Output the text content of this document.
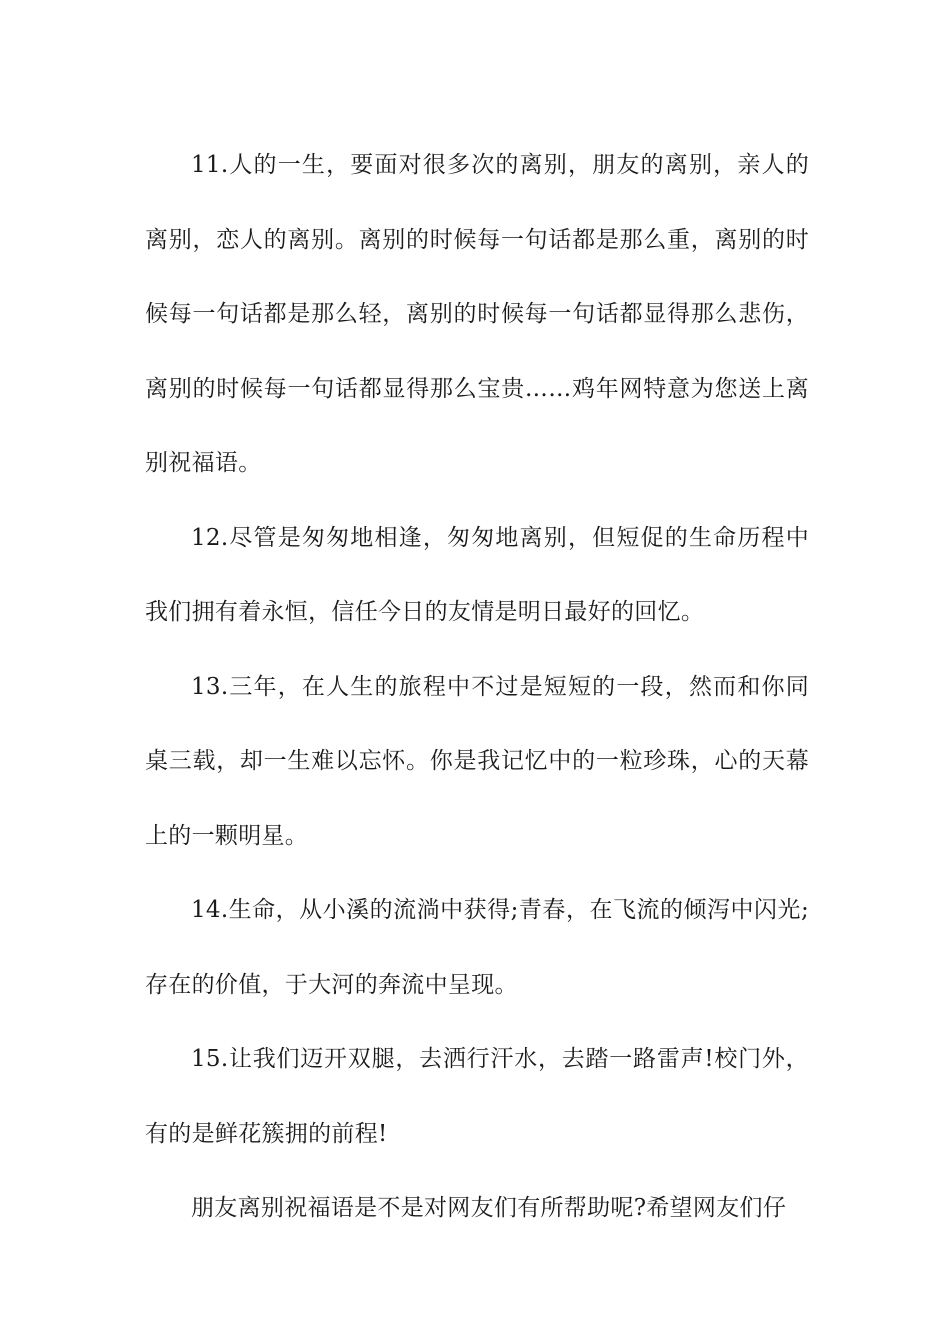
11.人的一生，要面对很多次的离别，朋友的离别，亲人的离别，恋人的离别。离别的时候每一句话都是那么重，离别的时候每一句话都是那么轻，离别的时候每一句话都显得那么悲伤，离别的时候每一句话都显得那么宝贵……鸡年网特意为您送上离别祝福语。

12.尽管是匆匆地相逢，匆匆地离别，但短促的生命历程中我们拥有着永恒，信任今日的友情是明日最好的回忆。

13.三年，在人生的旅程中不过是短短的一段，然而和你同桌三载，却一生难以忘怀。你是我记忆中的一粒珍珠，心的天幕上的一颗明星。

14.生命，从小溪的流淌中获得;青春，在飞流的倾泻中闪光;存在的价值，于大河的奔流中呈现。

15.让我们迈开双腿，去洒行汗水，去踏一路雷声!校门外，有的是鲜花簇拥的前程!

朋友离别祝福语是不是对网友们有所帮助呢?希望网友们仔
